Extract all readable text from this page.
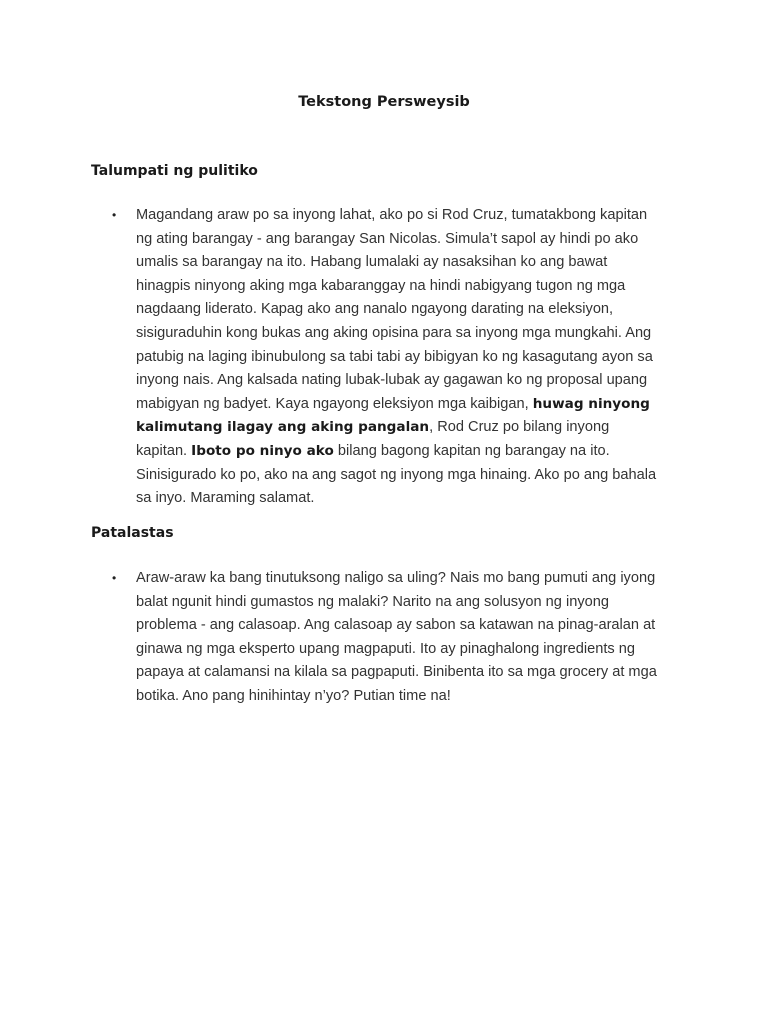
Tekstong Persweysib
Talumpati ng pulitiko
•	Magandang araw po sa inyong lahat, ako po si Rod Cruz, tumatakbong kapitan
ng ating barangay - ang barangay San Nicolas. Simula’t sapol ay hindi po ako
umalis sa barangay na ito. Habang lumalaki ay nasaksihan ko ang bawat
hinagpis ninyong aking mga kabaranggay na hindi nabigyang tugon ng mga
nagdaang liderato. Kapag ako ang nanalo ngayong darating na eleksiyon,
sisiguraduhin kong bukas ang aking opisina para sa inyong mga mungkahi. Ang
patubig na laging ibinubulong sa tabi tabi ay bibigyan ko ng kasagutang ayon sa
inyong nais. Ang kalsada nating lubak-lubak ay gagawan ko ng proposal upang
mabigyan ng badyet. Kaya ngayong eleksiyon mga kaibigan, huwag ninyong
kalimutang ilagay ang aking pangalan, Rod Cruz po bilang inyong
kapitan. Iboto po ninyo ako bilang bagong kapitan ng barangay na ito.
Sinisigurado ko po, ako na ang sagot ng inyong mga hinaing. Ako po ang bahala
sa inyo. Maraming salamat.

Patalastas
•	Araw-araw ka bang tinutuksong naligo sa uling? Nais mo bang pumuti ang iyong
balat ngunit hindi gumastos ng malaki? Narito na ang solusyon ng inyong
problema - ang calasoap. Ang calasoap ay sabon sa katawan na pinag-aralan at
ginawa ng mga eksperto upang magpaputi. Ito ay pinaghalong ingredients ng
papaya at calamansi na kilala sa pagpaputi. Binibenta ito sa mga grocery at mga
botika. Ano pang hinihintay n’yo? Putian time na!
